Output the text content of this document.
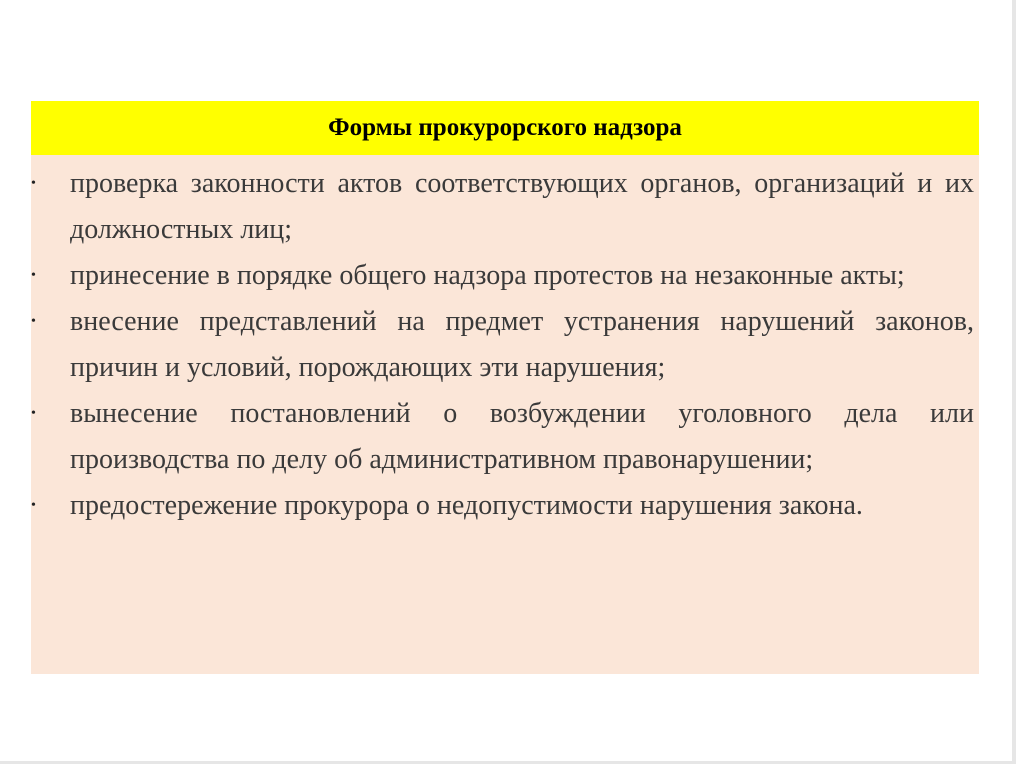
Формы прокурорского надзора
•	проверка законности актов соответствующих органов, организаций и их должностных лиц;
•	принесение в порядке общего надзора протестов на незаконные акты;
•	внесение представлений на предмет устранения нарушений законов, причин и условий, порождающих эти нарушения;
•	вынесение постановлений о возбуждении уголовного дела или производства по делу об административном правонарушении;
•	предостережение прокурора о недопустимости нарушения закона.
